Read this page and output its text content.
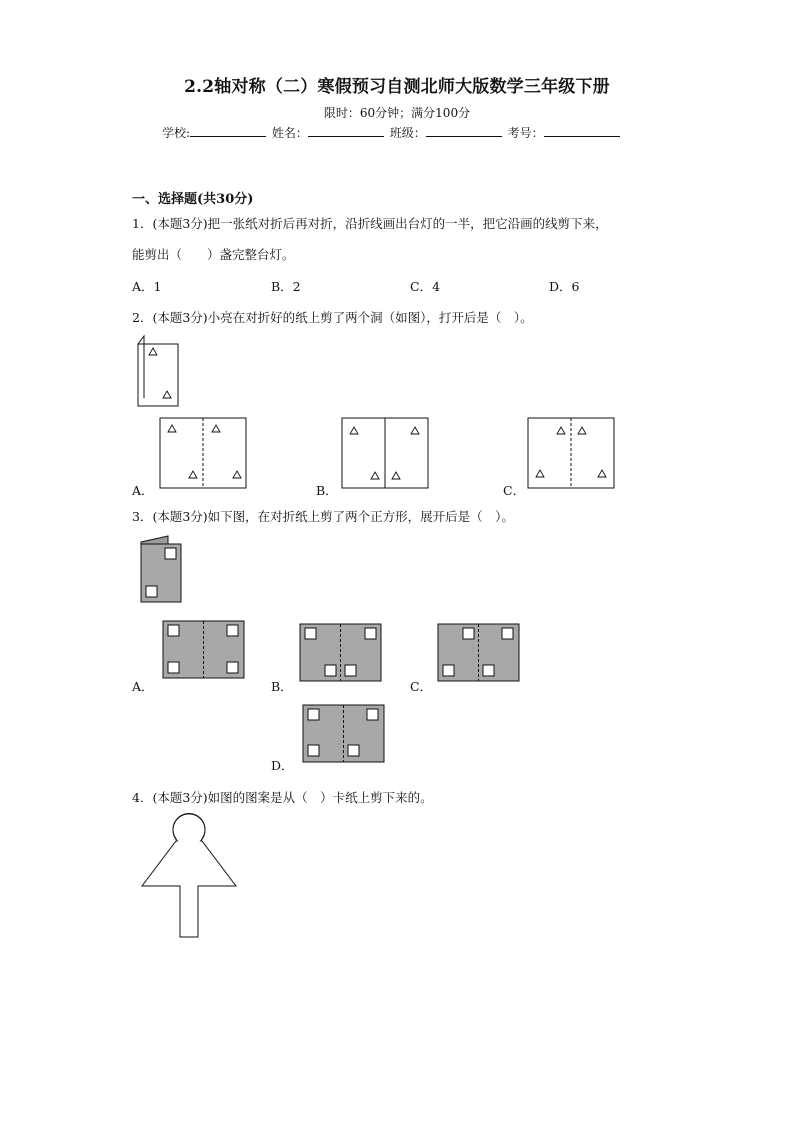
2.2轴对称（二）寒假预习自测北师大版数学三年级下册
限时：60分钟；满分100分
学校:	姓名：	班级：	考号：
一、选择题(共30分)
1．(本题3分)把一张纸对折后再对折，沿折线画出台灯的一半，把它沿画的线剪下来，
能剪出（　　）盏完整台灯。
A．1	B．2	C．4	D．6
2．(本题3分)小亮在对折好的纸上剪了两个洞（如图），打开后是（　）。
A．	B．	C．
3．(本题3分)如下图，在对折纸上剪了两个正方形，展开后是（　）。
A．	B．	C．
D．
4．(本题3分)如图的图案是从（　）卡纸上剪下来的。
